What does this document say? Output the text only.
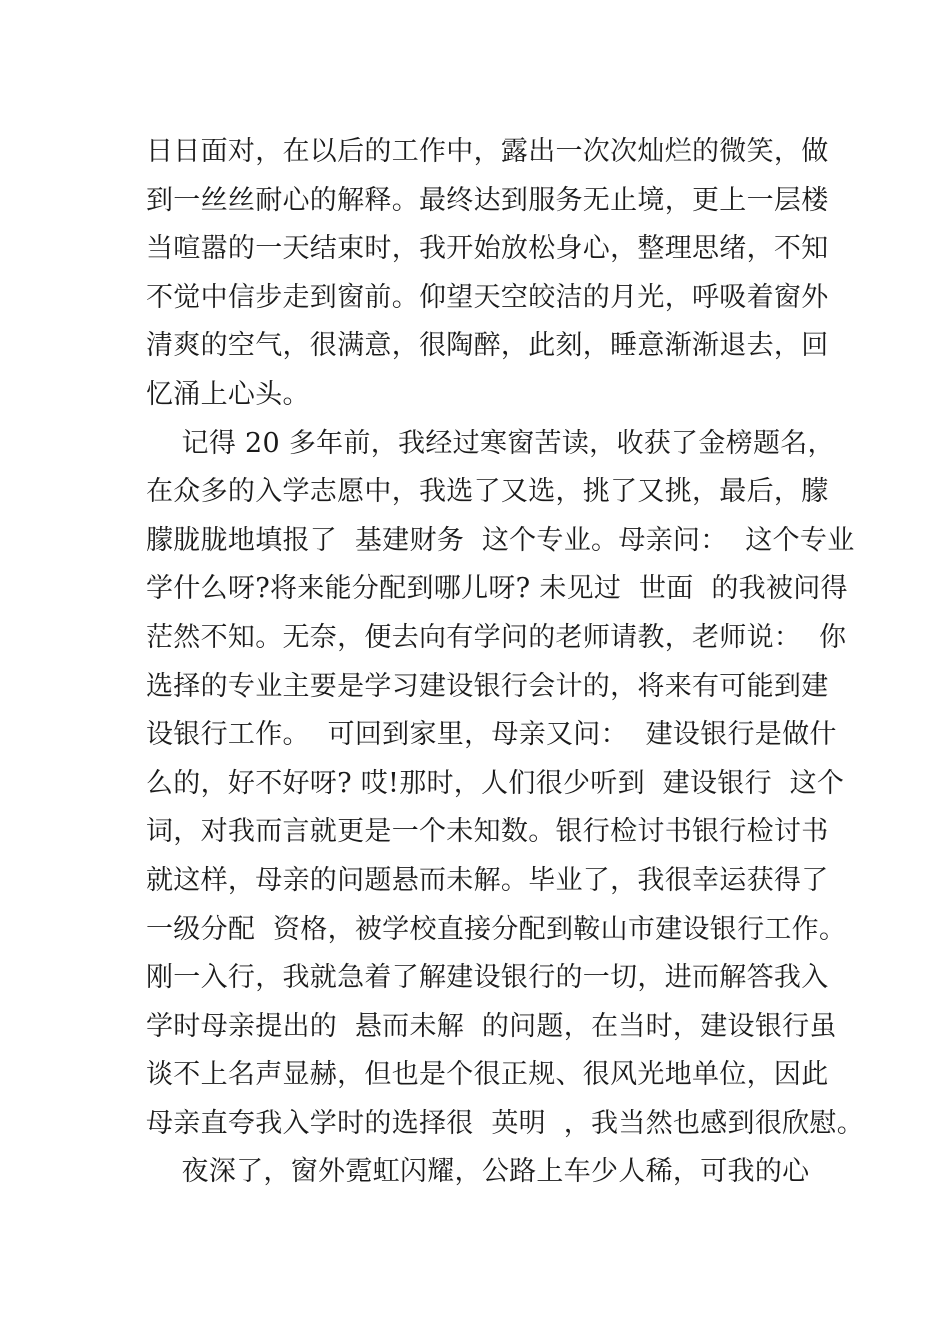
日日面对，在以后的工作中，露出一次次灿烂的微笑，做
到一丝丝耐心的解释。最终达到服务无止境，更上一层楼
当喧嚣的一天结束时，我开始放松身心，整理思绪，不知
不觉中信步走到窗前。仰望天空皎洁的月光，呼吸着窗外
清爽的空气，很满意，很陶醉，此刻，睡意渐渐退去，回
忆涌上心头。
记得 20 多年前，我经过寒窗苦读，收获了金榜题名，
在众多的入学志愿中，我选了又选，挑了又挑，最后，朦
朦胧胧地填报了  基建财务  这个专业。母亲问：  这个专业
学什么呀?将来能分配到哪儿呀? 未见过  世面  的我被问得
茫然不知。无奈，便去向有学问的老师请教，老师说：  你
选择的专业主要是学习建设银行会计的，将来有可能到建
设银行工作。  可回到家里，母亲又问：  建设银行是做什
么的，好不好呀? 哎!那时，人们很少听到  建设银行  这个
词，对我而言就更是一个未知数。银行检讨书银行检讨书
就这样，母亲的问题悬而未解。毕业了，我很幸运获得了
一级分配  资格，被学校直接分配到鞍山市建设银行工作。
刚一入行，我就急着了解建设银行的一切，进而解答我入
学时母亲提出的  悬而未解  的问题，在当时，建设银行虽
谈不上名声显赫，但也是个很正规、很风光地单位，因此
母亲直夸我入学时的选择很  英明  ，我当然也感到很欣慰。
夜深了，窗外霓虹闪耀，公路上车少人稀，可我的心
